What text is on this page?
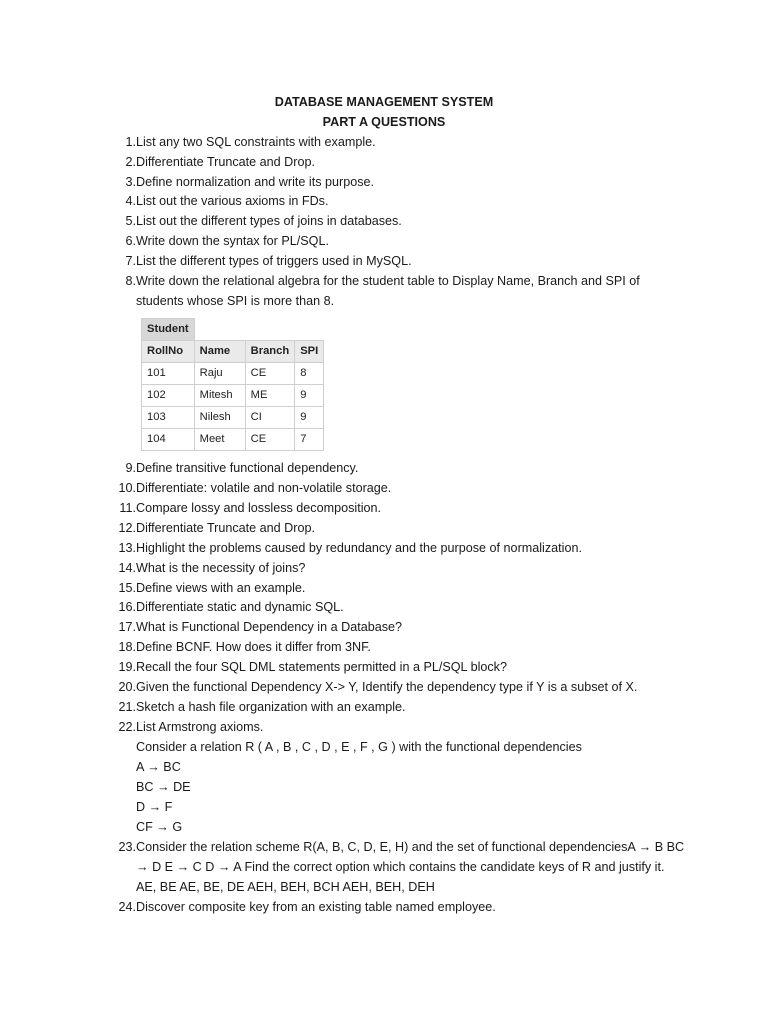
DATABASE MANAGEMENT SYSTEM
PART A QUESTIONS
1. List any two SQL constraints with example.
2. Differentiate Truncate and Drop.
3. Define normalization and write its purpose.
4. List out the various axioms in FDs.
5. List out the different types of joins in databases.
6. Write down the syntax for PL/SQL.
7. List the different types of triggers used in MySQL.
8. Write down the relational algebra for the student table to Display Name, Branch and SPI of
students whose SPI is more than 8.
Student			
RollNo	Name	Branch	SPI
101	Raju	CE	8
102	Mitesh	ME	9
103	Nilesh	CI	9
104	Meet	CE	7
9. Define transitive functional dependency.
10. Differentiate: volatile and non-volatile storage.
11. Compare lossy and lossless decomposition.
12. Differentiate Truncate and Drop.
13. Highlight the problems caused by redundancy and the purpose of normalization.
14. What is the necessity of joins?
15. Define views with an example.
16. Differentiate static and dynamic SQL.
17. What is Functional Dependency in a Database?
18. Define BCNF. How does it differ from 3NF.
19. Recall the four SQL DML statements permitted in a PL/SQL block?
20. Given the functional Dependency X-> Y, Identify the dependency type if Y is a subset of X.
21. Sketch a hash file organization with an example.
22. List Armstrong axioms.
Consider a relation R ( A , B , C , D , E , F , G ) with the functional dependencies
A → BC
BC → DE
D → F
CF → G
23. Consider the relation scheme R(A, B, C, D, E, H) and the set of functional dependenciesA → B BC
→ D E → C D → A Find the correct option which contains the candidate keys of R and justify it.
AE, BE AE, BE, DE AEH, BEH, BCH AEH, BEH, DEH
24. Discover composite key from an existing table named employee.
